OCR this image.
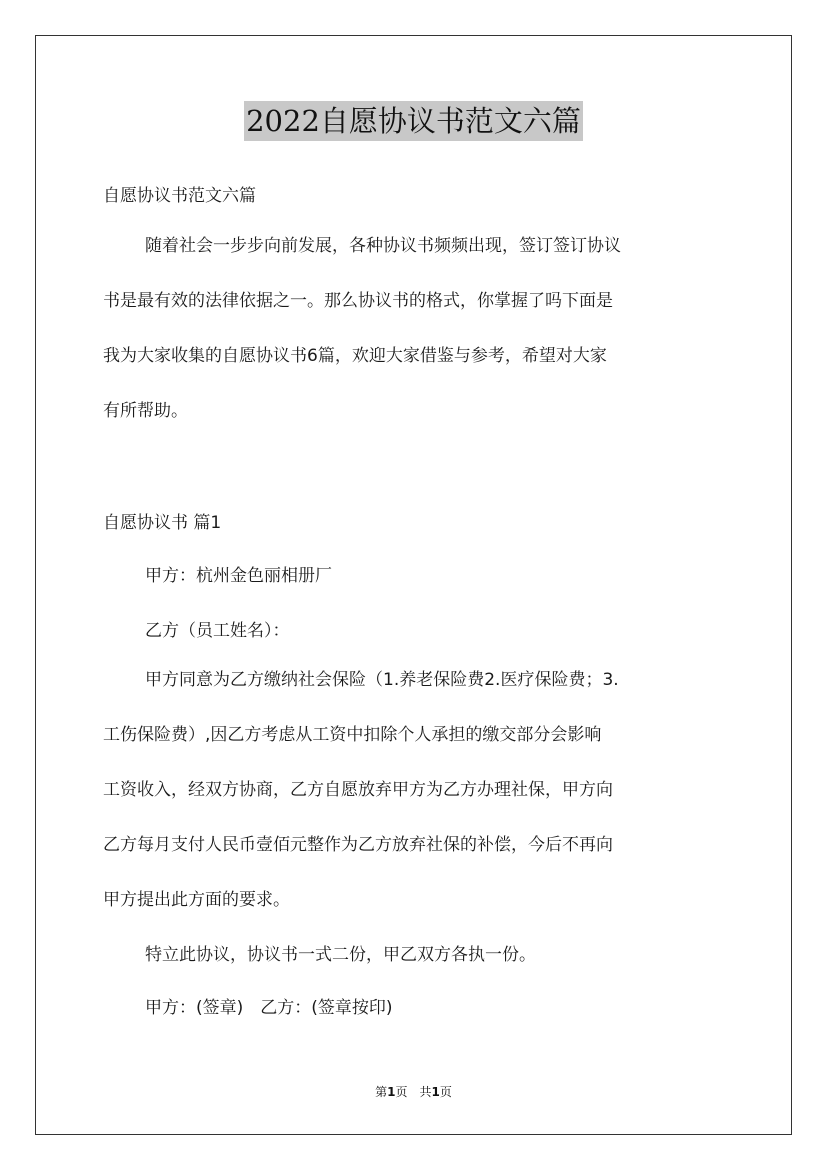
2022自愿协议书范文六篇
自愿协议书范文六篇
随着社会一步步向前发展，各种协议书频频出现，签订签订协议
书是最有效的法律依据之一。那么协议书的格式，你掌握了吗下面是
我为大家收集的自愿协议书6篇，欢迎大家借鉴与参考，希望对大家
有所帮助。
自愿协议书 篇1
甲方：杭州金色丽相册厂
乙方（员工姓名）：
甲方同意为乙方缴纳社会保险（1.养老保险费2.医疗保险费；3.
工伤保险费）,因乙方考虑从工资中扣除个人承担的缴交部分会影响
工资收入，经双方协商，乙方自愿放弃甲方为乙方办理社保，甲方向
乙方每月支付人民币壹佰元整作为乙方放弃社保的补偿，今后不再向
甲方提出此方面的要求。
特立此协议，协议书一式二份，甲乙双方各执一份。
甲方：(签章)　乙方：(签章按印)
第1页　共1页
